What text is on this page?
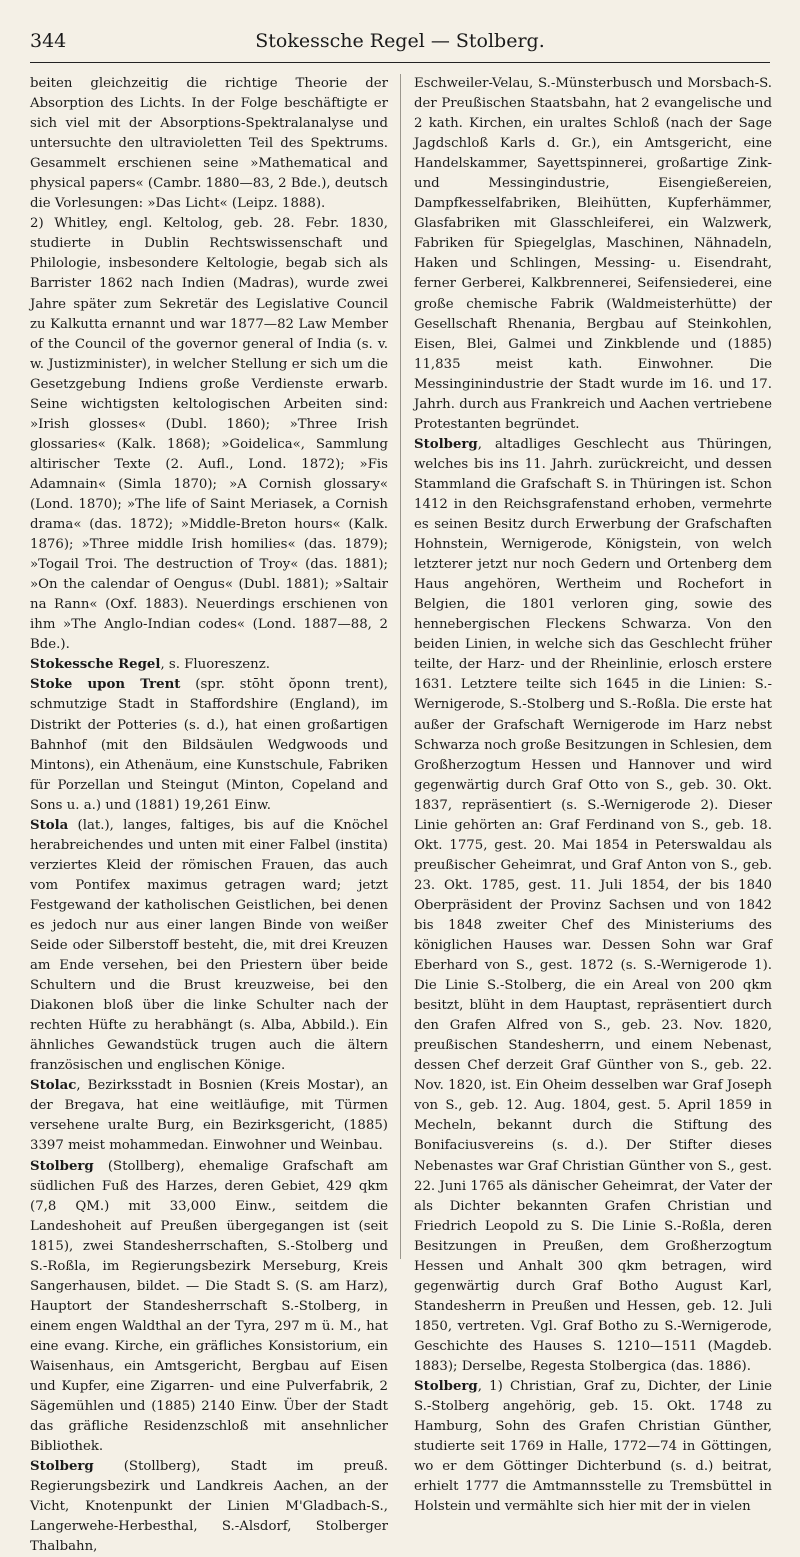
344	Stokessche Regel — Stolberg.

beiten gleichzeitig die richtige Theorie der Absorption des Lichts. In der Folge beschäftigte er sich viel mit der Absorptions-Spektralanalyse und untersuchte den ultravioletten Teil des Spektrums. Gesammelt erschienen seine »Mathematical and physical papers« (Cambr. 1880—83, 2 Bde.), deutsch die Vorlesungen: »Das Licht« (Leipz. 1888).

2) Whitley, engl. Keltolog, geb. 28. Febr. 1830, studierte in Dublin Rechtswissenschaft und Philologie, insbesondere Keltologie, begab sich als Barrister 1862 nach Indien (Madras), wurde zwei Jahre später zum Sekretär des Legislative Council zu Kalkutta ernannt und war 1877—82 Law Member of the Council of the governor general of India (s. v. w. Justizminister), in welcher Stellung er sich um die Gesetzgebung Indiens große Verdienste erwarb. Seine wichtigsten keltologischen Arbeiten sind: »Irish glosses« (Dubl. 1860); »Three Irish glossaries« (Kalk. 1868); »Goidelica«, Sammlung altirischer Texte (2. Aufl., Lond. 1872); »Fis Adamnain« (Simla 1870); »A Cornish glossary« (Lond. 1870); »The life of Saint Meriasek, a Cornish drama« (das. 1872); »Middle-Breton hours« (Kalk. 1876); »Three middle Irish homilies« (das. 1879); »Togail Troi. The destruction of Troy« (das. 1881); »On the calendar of Oengus« (Dubl. 1881); »Saltair na Rann« (Oxf. 1883). Neuerdings erschienen von ihm »The Anglo-Indian codes« (Lond. 1887—88, 2 Bde.).

Stokessche Regel, s. Fluoreszenz.

Stoke upon Trent (spr. stōht ŏponn trent), schmutzige Stadt in Staffordshire (England), im Distrikt der Potteries (s. d.), hat einen großartigen Bahnhof (mit den Bildsäulen Wedgwoods und Mintons), ein Athenäum, eine Kunstschule, Fabriken für Porzellan und Steingut (Minton, Copeland and Sons u. a.) und (1881) 19,261 Einw.

Stola (lat.), langes, faltiges, bis auf die Knöchel herabreichendes und unten mit einer Falbel (instita) verziertes Kleid der römischen Frauen, das auch vom Pontifex maximus getragen ward; jetzt Festgewand der katholischen Geistlichen, bei denen es jedoch nur aus einer langen Binde von weißer Seide oder Silberstoff besteht, die, mit drei Kreuzen am Ende versehen, bei den Priestern über beide Schultern und die Brust kreuzweise, bei den Diakonen bloß über die linke Schulter nach der rechten Hüfte zu herabhängt (s. Alba, Abbild.). Ein ähnliches Gewandstück trugen auch die ältern französischen und englischen Könige.

Stolac, Bezirksstadt in Bosnien (Kreis Mostar), an der Bregava, hat eine weitläufige, mit Türmen versehene uralte Burg, ein Bezirksgericht, (1885) 3397 meist mohammedan. Einwohner und Weinbau.

Stolberg (Stollberg), ehemalige Grafschaft am südlichen Fuß des Harzes, deren Gebiet, 429 qkm (7,8 QM.) mit 33,000 Einw., seitdem die Landeshoheit auf Preußen übergegangen ist (seit 1815), zwei Standesherrschaften, S.-Stolberg und S.-Roßla, im Regierungsbezirk Merseburg, Kreis Sangerhausen, bildet. — Die Stadt S. (S. am Harz), Hauptort der Standesherrschaft S.-Stolberg, in einem engen Waldthal an der Tyra, 297 m ü. M., hat eine evang. Kirche, ein gräfliches Konsistorium, ein Waisenhaus, ein Amtsgericht, Bergbau auf Eisen und Kupfer, eine Zigarren- und eine Pulverfabrik, 2 Sägemühlen und (1885) 2140 Einw. Über der Stadt das gräfliche Residenzschloß mit ansehnlicher Bibliothek.

Stolberg (Stollberg), Stadt im preuß. Regierungsbezirk und Landkreis Aachen, an der Vicht, Knotenpunkt der Linien M'Gladbach-S., Langerwehe-Herbesthal, S.-Alsdorf, Stolberger Thalbahn,

Eschweiler-Velau, S.-Münsterbusch und Morsbach-S. der Preußischen Staatsbahn, hat 2 evangelische und 2 kath. Kirchen, ein uraltes Schloß (nach der Sage Jagdschloß Karls d. Gr.), ein Amtsgericht, eine Handelskammer, Sayettspinnerei, großartige Zink- und Messingindustrie, Eisengießereien, Dampfkesselfabriken, Bleihütten, Kupferhämmer, Glasfabriken mit Glasschleiferei, ein Walzwerk, Fabriken für Spiegelglas, Maschinen, Nähnadeln, Haken und Schlingen, Messing- u. Eisendraht, ferner Gerberei, Kalkbrennerei, Seifensiederei, eine große chemische Fabrik (Waldmeisterhütte) der Gesellschaft Rhenania, Bergbau auf Steinkohlen, Eisen, Blei, Galmei und Zinkblende und (1885) 11,835 meist kath. Einwohner. Die Messinginindustrie der Stadt wurde im 16. und 17. Jahrh. durch aus Frankreich und Aachen vertriebene Protestanten begründet.

Stolberg, altadliges Geschlecht aus Thüringen, welches bis ins 11. Jahrh. zurückreicht, und dessen Stammland die Grafschaft S. in Thüringen ist. Schon 1412 in den Reichsgrafenstand erhoben, vermehrte es seinen Besitz durch Erwerbung der Grafschaften Hohnstein, Wernigerode, Königstein, von welch letzterer jetzt nur noch Gedern und Ortenberg dem Haus angehören, Wertheim und Rochefort in Belgien, die 1801 verloren ging, sowie des hennebergischen Fleckens Schwarza. Von den beiden Linien, in welche sich das Geschlecht früher teilte, der Harz- und der Rheinlinie, erlosch erstere 1631. Letztere teilte sich 1645 in die Linien: S.-Wernigerode, S.-Stolberg und S.-Roßla. Die erste hat außer der Grafschaft Wernigerode im Harz nebst Schwarza noch große Besitzungen in Schlesien, dem Großherzogtum Hessen und Hannover und wird gegenwärtig durch Graf Otto von S., geb. 30. Okt. 1837, repräsentiert (s. S.-Wernigerode 2). Dieser Linie gehörten an: Graf Ferdinand von S., geb. 18. Okt. 1775, gest. 20. Mai 1854 in Peterswaldau als preußischer Geheimrat, und Graf Anton von S., geb. 23. Okt. 1785, gest. 11. Juli 1854, der bis 1840 Oberpräsident der Provinz Sachsen und von 1842 bis 1848 zweiter Chef des Ministeriums des königlichen Hauses war. Dessen Sohn war Graf Eberhard von S., gest. 1872 (s. S.-Wernigerode 1). Die Linie S.-Stolberg, die ein Areal von 200 qkm besitzt, blüht in dem Hauptast, repräsentiert durch den Grafen Alfred von S., geb. 23. Nov. 1820, preußischen Standesherrn, und einem Nebenast, dessen Chef derzeit Graf Günther von S., geb. 22. Nov. 1820, ist. Ein Oheim desselben war Graf Joseph von S., geb. 12. Aug. 1804, gest. 5. April 1859 in Mecheln, bekannt durch die Stiftung des Bonifaciusvereins (s. d.). Der Stifter dieses Nebenastes war Graf Christian Günther von S., gest. 22. Juni 1765 als dänischer Geheimrat, der Vater der als Dichter bekannten Grafen Christian und Friedrich Leopold zu S. Die Linie S.-Roßla, deren Besitzungen in Preußen, dem Großherzogtum Hessen und Anhalt 300 qkm betragen, wird gegenwärtig durch Graf Botho August Karl, Standesherrn in Preußen und Hessen, geb. 12. Juli 1850, vertreten. Vgl. Graf Botho zu S.-Wernigerode, Geschichte des Hauses S. 1210—1511 (Magdeb. 1883); Derselbe, Regesta Stolbergica (das. 1886).

Stolberg, 1) Christian, Graf zu, Dichter, der Linie S.-Stolberg angehörig, geb. 15. Okt. 1748 zu Hamburg, Sohn des Grafen Christian Günther, studierte seit 1769 in Halle, 1772—74 in Göttingen, wo er dem Göttinger Dichterbund (s. d.) beitrat, erhielt 1777 die Amtmannsstelle zu Tremsbüttel in Holstein und vermählte sich hier mit der in vielen
